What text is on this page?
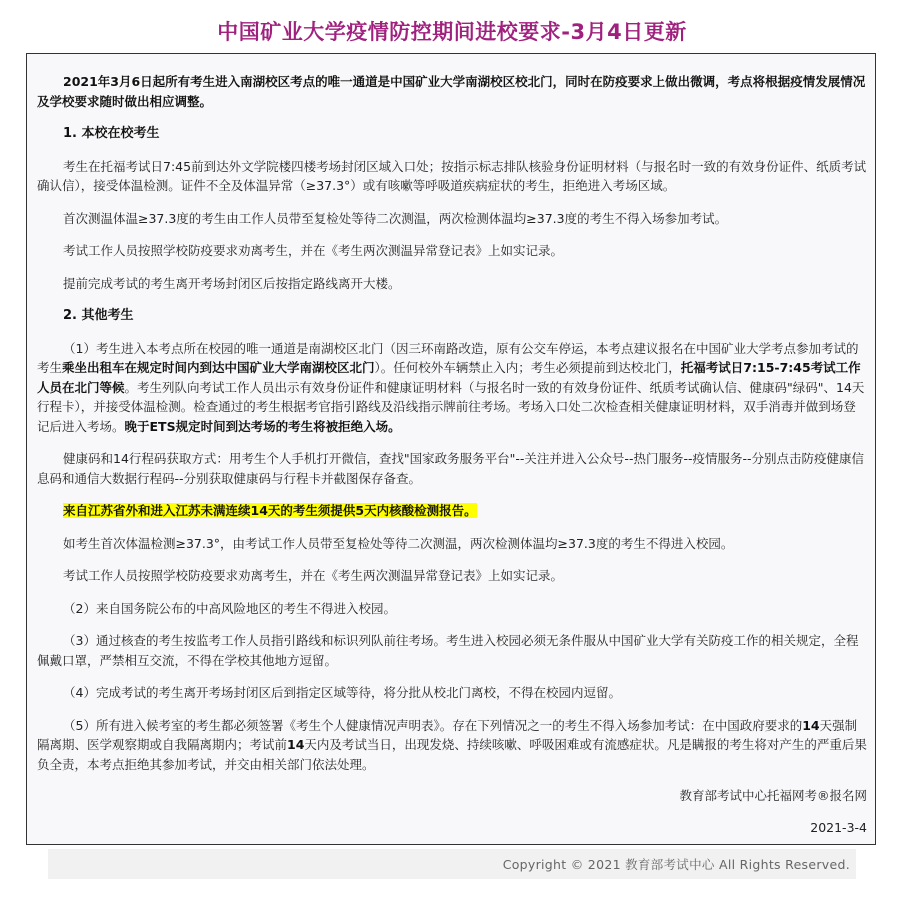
中国矿业大学疫情防控期间进校要求-3月4日更新

2021年3月6日起所有考生进入南湖校区考点的唯一通道是中国矿业大学南湖校区校北门，同时在防疫要求上做出微调，考点将根据疫情发展情况及学校要求随时做出相应调整。

1. 本校在校考生

考生在托福考试日7:45前到达外文学院楼四楼考场封闭区域入口处；按指示标志排队核验身份证明材料（与报名时一致的有效身份证件、纸质考试确认信），接受体温检测。证件不全及体温异常（≥37.3°）或有咳嗽等呼吸道疾病症状的考生，拒绝进入考场区域。

首次测温体温≥37.3度的考生由工作人员带至复检处等待二次测温，两次检测体温均≥37.3度的考生不得入场参加考试。

考试工作人员按照学校防疫要求劝离考生，并在《考生两次测温异常登记表》上如实记录。

提前完成考试的考生离开考场封闭区后按指定路线离开大楼。

2. 其他考生

（1）考生进入本考点所在校园的唯一通道是南湖校区北门（因三环南路改造，原有公交车停运，本考点建议报名在中国矿业大学考点参加考试的考生乘坐出租车在规定时间内到达中国矿业大学南湖校区北门）。任何校外车辆禁止入内；考生必须提前到达校北门，托福考试日7:15-7:45考试工作人员在北门等候。考生列队向考试工作人员出示有效身份证件和健康证明材料（与报名时一致的有效身份证件、纸质考试确认信、健康码"绿码"、14天行程卡），并接受体温检测。检查通过的考生根据考官指引路线及沿线指示牌前往考场。考场入口处二次检查相关健康证明材料，双手消毒并做到场登记后进入考场。晚于ETS规定时间到达考场的考生将被拒绝入场。

健康码和14行程码获取方式：用考生个人手机打开微信，查找"国家政务服务平台"--关注并进入公众号--热门服务--疫情服务--分别点击防疫健康信息码和通信大数据行程码--分别获取健康码与行程卡并截图保存备查。

来自江苏省外和进入江苏未满连续14天的考生须提供5天内核酸检测报告。

如考生首次体温检测≥37.3°，由考试工作人员带至复检处等待二次测温，两次检测体温均≥37.3度的考生不得进入校园。

考试工作人员按照学校防疫要求劝离考生，并在《考生两次测温异常登记表》上如实记录。

（2）来自国务院公布的中高风险地区的考生不得进入校园。

（3）通过核查的考生按监考工作人员指引路线和标识列队前往考场。考生进入校园必须无条件服从中国矿业大学有关防疫工作的相关规定，全程佩戴口罩，严禁相互交流，不得在学校其他地方逗留。

（4）完成考试的考生离开考场封闭区后到指定区域等待，将分批从校北门离校，不得在校园内逗留。

（5）所有进入候考室的考生都必须签署《考生个人健康情况声明表》。存在下列情况之一的考生不得入场参加考试：在中国政府要求的14天强制隔离期、医学观察期或自我隔离期内；考试前14天内及考试当日，出现发烧、持续咳嗽、呼吸困难或有流感症状。凡是瞒报的考生将对产生的严重后果负全责，本考点拒绝其参加考试，并交由相关部门依法处理。

教育部考试中心托福网考®报名网

2021-3-4

Copyright © 2021 教育部考试中心 All Rights Reserved.
